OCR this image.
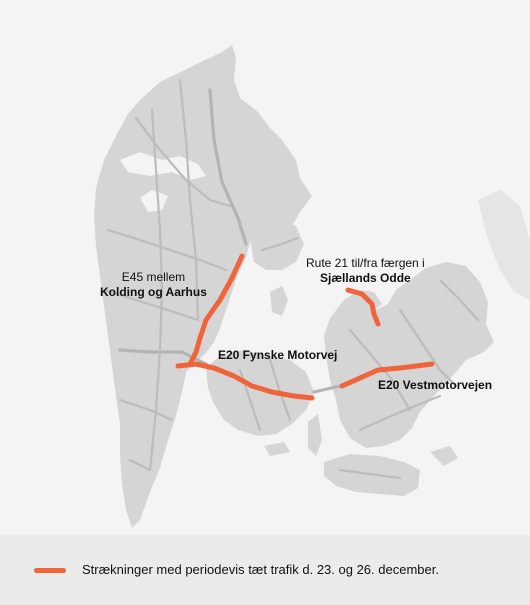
E45 mellem
Kolding og Aarhus
E20 Fynske Motorvej
Rute 21 til/fra færgen i
Sjællands Odde
E20 Vestmotorvejen
Strækninger med periodevis tæt trafik d. 23. og 26. december.
